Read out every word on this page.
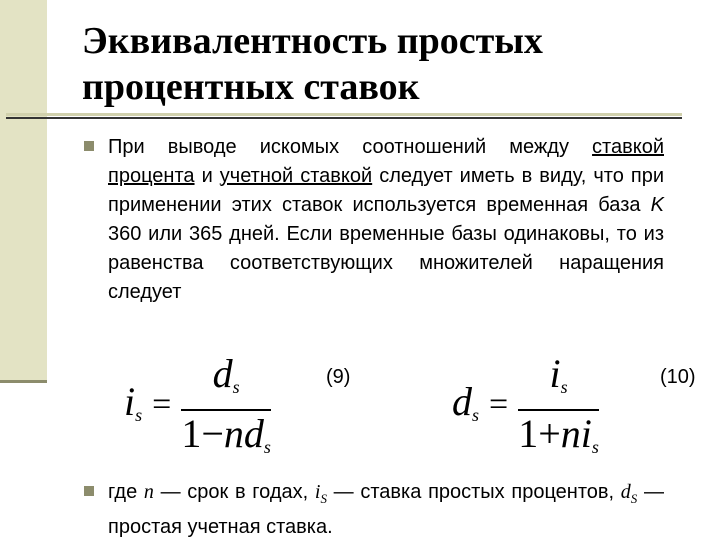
Эквивалентность простых процентных ставок
При выводе искомых соотношений между ставкой процента и учетной ставкой следует иметь в виду, что при применении этих ставок используется временная база K 360 или 365 дней. Если временные базы одинаковы, то из равенства соответствующих множителей наращения следует
$i_s = \frac{d_s}{1-nd_s}$	(9)
$d_s = \frac{i_s}{1+ni_s}$	(10)
где n — срок в годах, $i_S$ — ставка простых процентов, $d_S$ — простая учетная ставка.
